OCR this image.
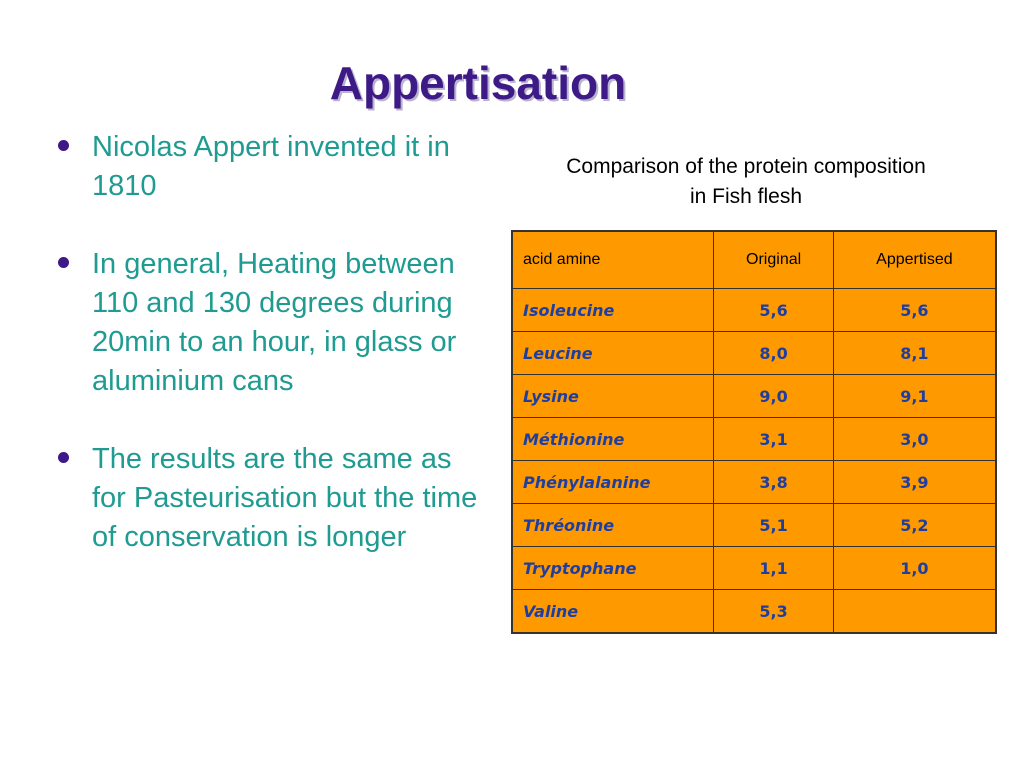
Appertisation
Nicolas Appert invented it in 1810
In general, Heating between 110 and 130 degrees during 20min to an hour, in glass or aluminium cans
The results are the same as for Pasteurisation but the time of conservation is longer

Comparison of the protein composition
in Fish flesh

acid amine	Original	Appertised
Isoleucine	5,6	5,6
Leucine	8,0	8,1
Lysine	9,0	9,1
Méthionine	3,1	3,0
Phénylalanine	3,8	3,9
Thréonine	5,1	5,2
Tryptophane	1,1	1,0
Valine	5,3	
